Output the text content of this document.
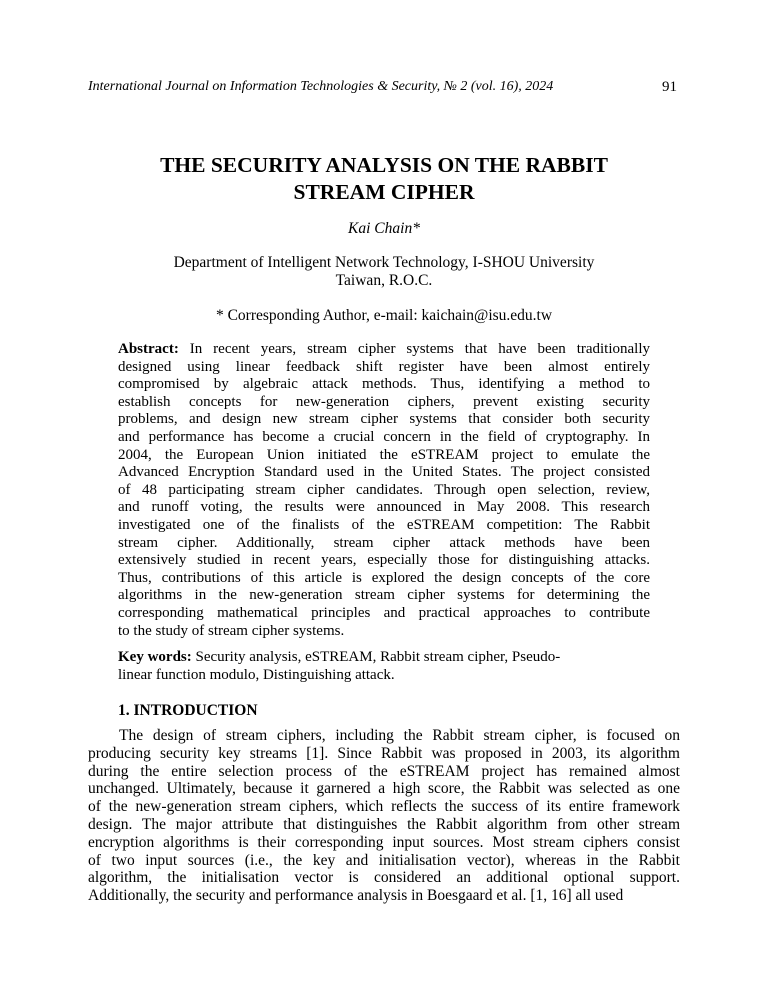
International Journal on Information Technologies & Security, № 2 (vol. 16), 2024	91
THE SECURITY ANALYSIS ON THE RABBIT
STREAM CIPHER
Kai Chain*
Department of Intelligent Network Technology, I-SHOU University
Taiwan, R.O.C.
* Corresponding Author, e-mail: kaichain@isu.edu.tw
Abstract: In recent years, stream cipher systems that have been traditionally
designed using linear feedback shift register have been almost entirely
compromised by algebraic attack methods. Thus, identifying a method to
establish concepts for new-generation ciphers, prevent existing security
problems, and design new stream cipher systems that consider both security
and performance has become a crucial concern in the field of cryptography. In
2004, the European Union initiated the eSTREAM project to emulate the
Advanced Encryption Standard used in the United States. The project consisted
of 48 participating stream cipher candidates. Through open selection, review,
and runoff voting, the results were announced in May 2008. This research
investigated one of the finalists of the eSTREAM competition: The Rabbit
stream cipher. Additionally, stream cipher attack methods have been
extensively studied in recent years, especially those for distinguishing attacks.
Thus, contributions of this article is explored the design concepts of the core
algorithms in the new-generation stream cipher systems for determining the
corresponding mathematical principles and practical approaches to contribute
to the study of stream cipher systems.
Key words: Security analysis, eSTREAM, Rabbit stream cipher, Pseudo-
linear function modulo, Distinguishing attack.
1. INTRODUCTION
The design of stream ciphers, including the Rabbit stream cipher, is focused on
producing security key streams [1]. Since Rabbit was proposed in 2003, its algorithm
during the entire selection process of the eSTREAM project has remained almost
unchanged. Ultimately, because it garnered a high score, the Rabbit was selected as one
of the new-generation stream ciphers, which reflects the success of its entire framework
design. The major attribute that distinguishes the Rabbit algorithm from other stream
encryption algorithms is their corresponding input sources. Most stream ciphers consist
of two input sources (i.e., the key and initialisation vector), whereas in the Rabbit
algorithm, the initialisation vector is considered an additional optional support.
Additionally, the security and performance analysis in Boesgaard et al. [1, 16] all used
